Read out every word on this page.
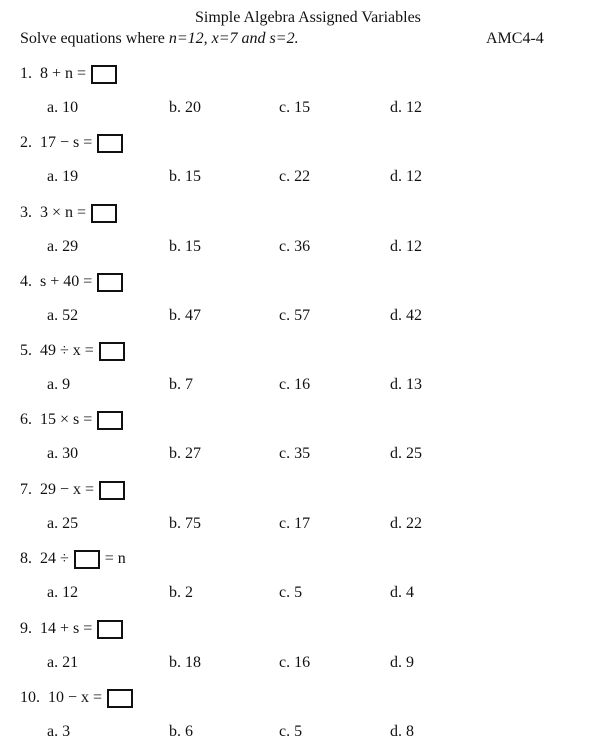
Simple Algebra Assigned Variables
Solve equations where n=12, x=7 and s=2.	AMC4-4
1. 8 + n =
a. 10	b. 20	c. 15	d. 12
2. 17 − s =
a. 19	b. 15	c. 22	d. 12
3. 3 × n =
a. 29	b. 15	c. 36	d. 12
4. s + 40 =
a. 52	b. 47	c. 57	d. 42
5. 49 ÷ x =
a. 9	b. 7	c. 16	d. 13
6. 15 × s =
a. 30	b. 27	c. 35	d. 25
7. 29 − x =
a. 25	b. 75	c. 17	d. 22
8. 24 ÷ = n
a. 12	b. 2	c. 5	d. 4
9. 14 + s =
a. 21	b. 18	c. 16	d. 9
10. 10 − x =
a. 3	b. 6	c. 5	d. 8
